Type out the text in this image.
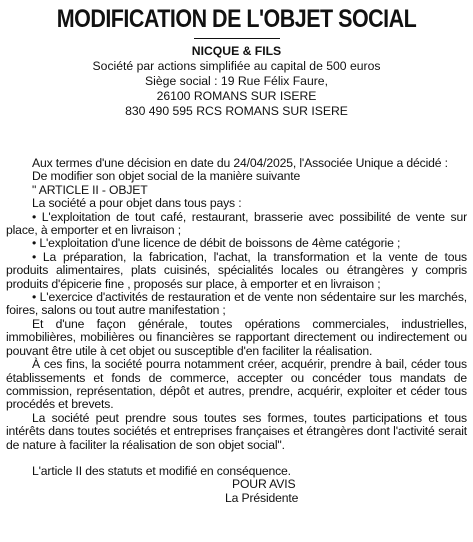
MODIFICATION DE L'OBJET SOCIAL
NICQUE & FILS
Société par actions simplifiée au capital de 500 euros
Siège social : 19 Rue Félix Faure,
26100 ROMANS SUR ISERE
830 490 595 RCS ROMANS SUR ISERE

Aux termes d'une décision en date du 24/04/2025, l'Associée Unique a décidé :

De modifier son objet social de la manière suivante

" ARTICLE II - OBJET

La société a pour objet dans tous pays :

• L'exploitation de tout café, restaurant, brasserie avec possibilité de vente sur place, à emporter et en livraison ;

• L'exploitation d'une licence de débit de boissons de 4ème catégorie ;

• La préparation, la fabrication, l'achat, la transformation et la vente de tous produits alimentaires, plats cuisinés, spécialités locales ou étrangères y compris produits d'épicerie fine , proposés sur place, à emporter et en livraison ;

• L'exercice d'activités de restauration et de vente non sédentaire sur les marchés, foires, salons ou tout autre manifestation ;

Et d'une façon générale, toutes opérations commerciales, industrielles, immobilières, mobilières ou financières se rapportant directement ou indirectement ou pouvant être utile à cet objet ou susceptible d'en faciliter la réalisation.

À ces fins, la société pourra notamment créer, acquérir, prendre à bail, céder tous établissements et fonds de commerce, accepter ou concéder tous mandats de commission, représentation, dépôt et autres, prendre, acquérir, exploiter et céder tous procédés et brevets.

La société peut prendre sous toutes ses formes, toutes participations et tous intérêts dans toutes sociétés et entreprises françaises et étrangères dont l'activité serait de nature à faciliter la réalisation de son objet social".

L'article II des statuts et modifié en conséquence.

POUR AVIS

La Présidente
